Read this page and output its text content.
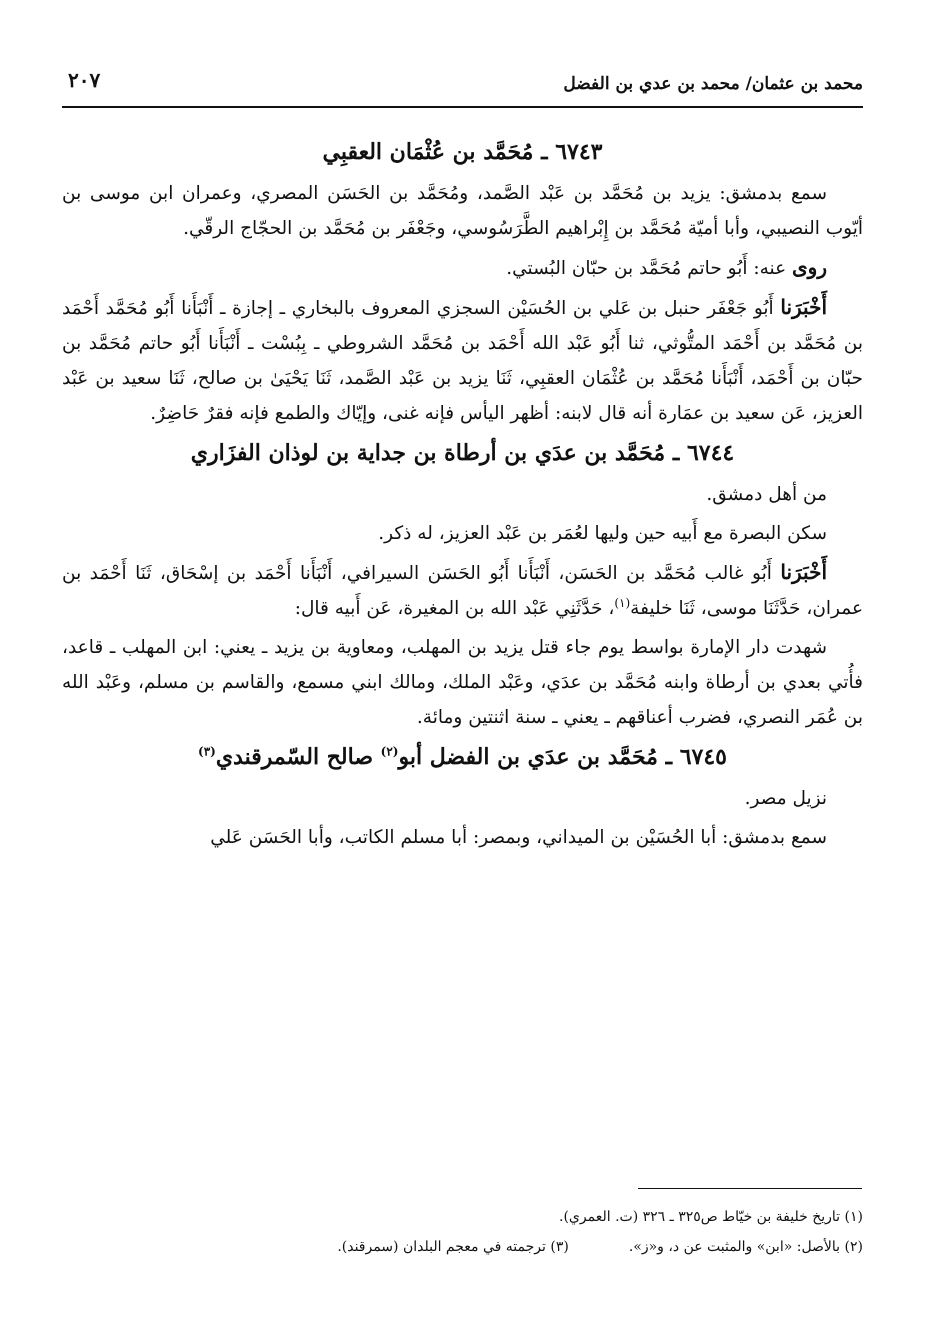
محمد بن عثمان/ محمد بن عدي بن الفضل
٢٠٧
٦٧٤٣ ـ مُحَمَّد بن عُثْمَان العقبِي

سمع بدمشق: يزيد بن مُحَمَّد بن عَبْد الصَّمد، ومُحَمَّد بن الحَسَن المصري، وعمران ابن موسى بن أيّوب النصيبي، وأبا أميّة مُحَمَّد بن إِبْراهيم الطَّرَسُوسي، وجَعْفَر بن مُحَمَّد بن الحجّاج الرقّي.

روى عنه: أَبُو حاتم مُحَمَّد بن حبّان البُستي.

أَخْبَرَنا أَبُو جَعْفَر حنبل بن عَلي بن الحُسَيْن السجزي المعروف بالبخاري ـ إجازة ـ أَنْبَأَنا أَبُو مُحَمَّد أَحْمَد بن مُحَمَّد بن أَحْمَد المتُّوثي، ثنا أَبُو عَبْد الله أَحْمَد بن مُحَمَّد الشروطي ـ بِبُسْت ـ أَنْبَأَنا أَبُو حاتم مُحَمَّد بن حبّان بن أَحْمَد، أَنْبَأَنا مُحَمَّد بن عُثْمَان العقبِي، ثَنَا يزيد بن عَبْد الصَّمد، ثَنَا يَحْيَىٰ بن صالح، ثَنَا سعيد بن عَبْد العزيز، عَن سعيد بن عمَارة أنه قال لابنه: أظهر اليأس فإنه غنى، وإيّاك والطمع فإنه فقرٌ حَاضِرٌ.

٦٧٤٤ ـ مُحَمَّد بن عدَي بن أرطاة بن جداية بن لوذان الفزَاري

من أهل دمشق.

سكن البصرة مع أَبيه حين وليها لعُمَر بن عَبْد العزيز، له ذكر.

أَخْبَرَنا أَبُو غالب مُحَمَّد بن الحَسَن، أَنْبَأَنا أَبُو الحَسَن السيرافي، أَنْبَأَنا أَحْمَد بن إسْحَاق، ثَنَا أَحْمَد بن عمران، حَدَّثَنَا موسى، ثَنَا خليفة$^{(١)}$، حَدَّثَنِي عَبْد الله بن المغيرة، عَن أَبيه قال:

شهدت دار الإمارة بواسط يوم جاء قتل يزيد بن المهلب، ومعاوية بن يزيد ـ يعني: ابن المهلب ـ قاعد، فأُتي بعدي بن أرطاة وابنه مُحَمَّد بن عدَي، وعَبْد الملك، ومالك ابني مسمع، والقاسم بن مسلم، وعَبْد الله بن عُمَر النصري، فضرب أعناقهم ـ يعني ـ سنة اثنتين ومائة.

٦٧٤٥ ـ مُحَمَّد بن عدَي بن الفضل أبو$^{(٢)}$ صالح السّمرقندي$^{(٣)}$

نزيل مصر.

سمع بدمشق: أبا الحُسَيْن بن الميداني، وبمصر: أبا مسلم الكاتب، وأبا الحَسَن عَلي

(١) تاريخ خليفة بن خيّاط ص٣٢٥ ـ ٣٢٦ (ت. العمري).
(٢) بالأصل: «ابن» والمثبت عن د، و«ز».
(٣) ترجمته في معجم البلدان (سمرقند).
